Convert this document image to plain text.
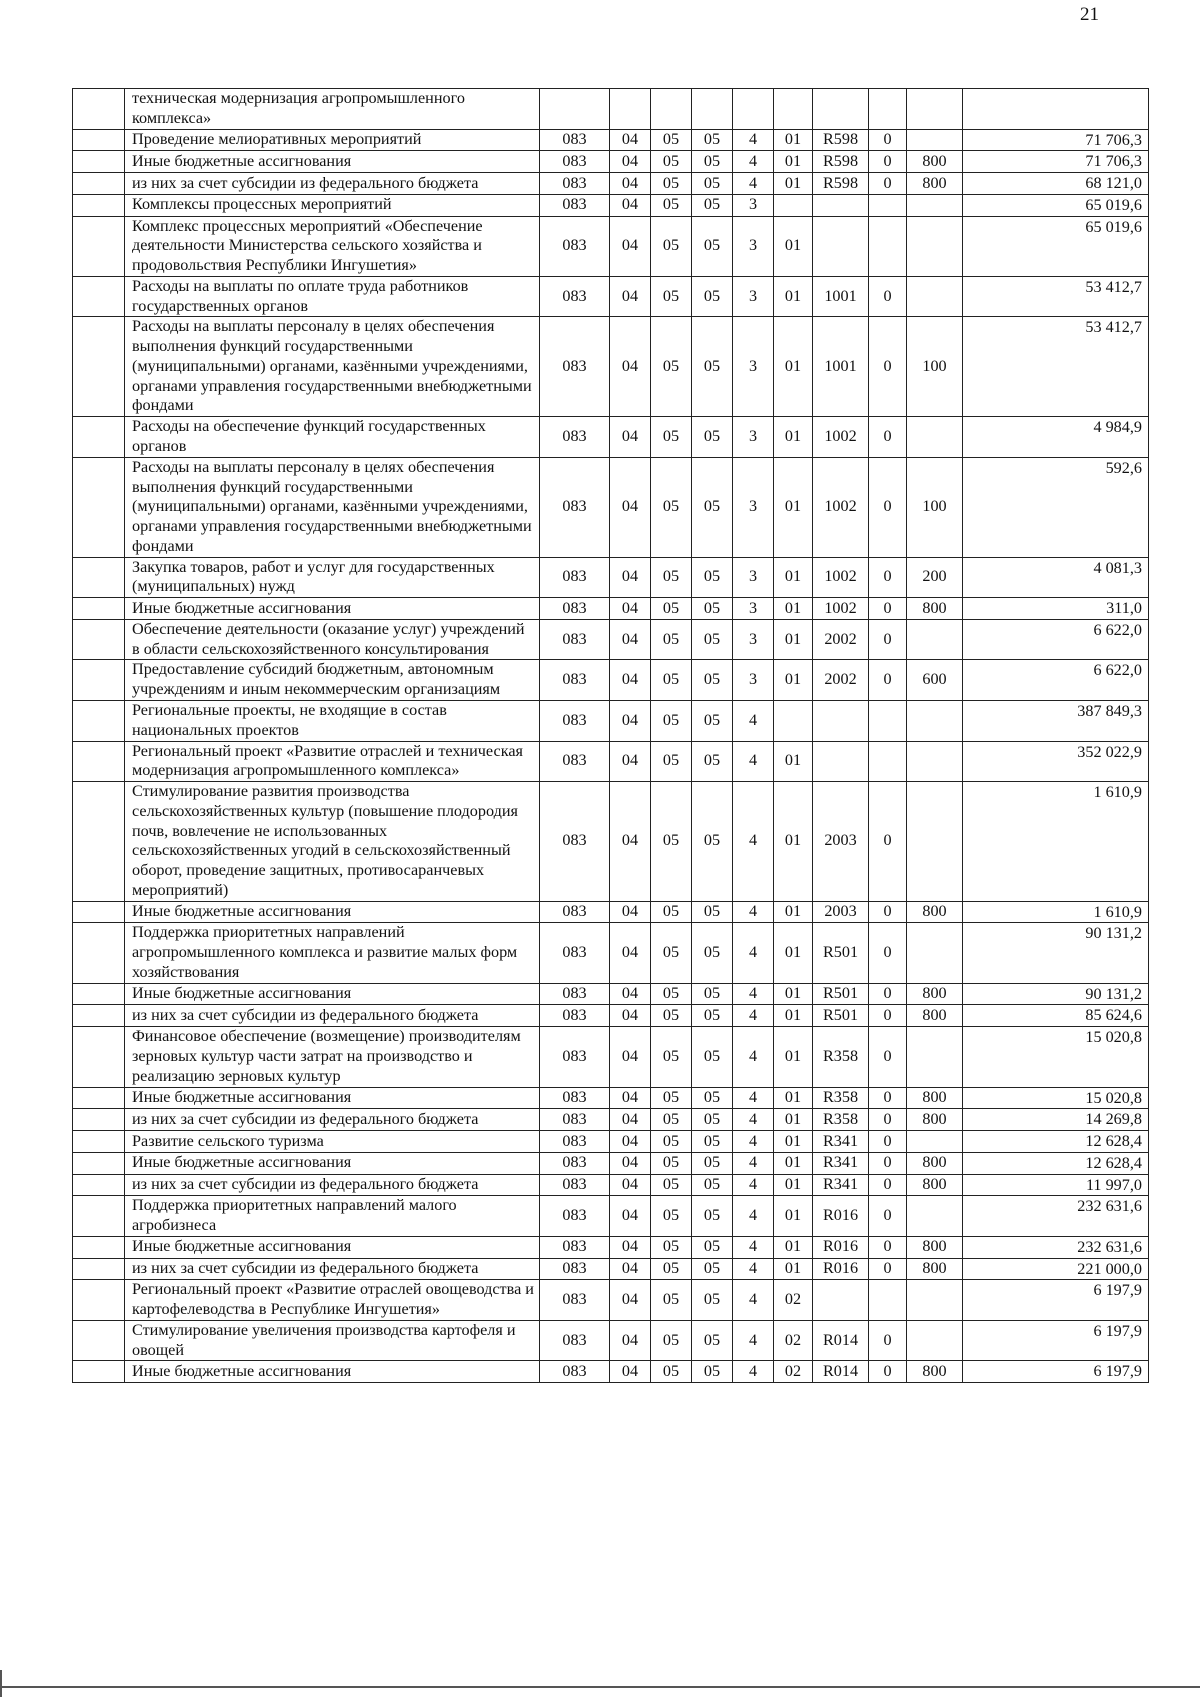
21
	техническая модернизация агропромышленного комплекса»										
	Проведение мелиоративных мероприятий	083	04	05	05	4	01	R598	0		71 706,3
	Иные бюджетные ассигнования	083	04	05	05	4	01	R598	0	800	71 706,3
	из них за счет субсидии из федерального бюджета	083	04	05	05	4	01	R598	0	800	68 121,0
	Комплексы процессных мероприятий	083	04	05	05	3					65 019,6
	Комплекс процессных мероприятий «Обеспечение деятельности Министерства сельского хозяйства и продовольствия Республики Ингушетия»	083	04	05	05	3	01				65 019,6
	Расходы на выплаты по оплате труда работников государственных органов	083	04	05	05	3	01	1001	0		53 412,7
	Расходы на выплаты персоналу в целях обеспечения выполнения функций государственными (муниципальными) органами, казёнными учреждениями, органами управления государственными внебюджетными фондами	083	04	05	05	3	01	1001	0	100	53 412,7
	Расходы на обеспечение функций государственных органов	083	04	05	05	3	01	1002	0		4 984,9
	Расходы на выплаты персоналу в целях обеспечения выполнения функций государственными (муниципальными) органами, казёнными учреждениями, органами управления государственными внебюджетными фондами	083	04	05	05	3	01	1002	0	100	592,6
	Закупка товаров, работ и услуг для государственных (муниципальных) нужд	083	04	05	05	3	01	1002	0	200	4 081,3
	Иные бюджетные ассигнования	083	04	05	05	3	01	1002	0	800	311,0
	Обеспечение деятельности (оказание услуг) учреждений в области сельскохозяйственного консультирования	083	04	05	05	3	01	2002	0		6 622,0
	Предоставление субсидий бюджетным, автономным учреждениям и иным некоммерческим организациям	083	04	05	05	3	01	2002	0	600	6 622,0
	Региональные проекты, не входящие в состав национальных проектов	083	04	05	05	4					387 849,3
	Региональный проект «Развитие отраслей и техническая модернизация агропромышленного комплекса»	083	04	05	05	4	01				352 022,9
	Стимулирование развития производства сельскохозяйственных культур (повышение плодородия почв, вовлечение не использованных сельскохозяйственных угодий в сельскохозяйственный оборот, проведение защитных, противосаранчевых мероприятий)	083	04	05	05	4	01	2003	0		1 610,9
	Иные бюджетные ассигнования	083	04	05	05	4	01	2003	0	800	1 610,9
	Поддержка приоритетных направлений агропромышленного комплекса и развитие малых форм хозяйствования	083	04	05	05	4	01	R501	0		90 131,2
	Иные бюджетные ассигнования	083	04	05	05	4	01	R501	0	800	90 131,2
	из них за счет субсидии из федерального бюджета	083	04	05	05	4	01	R501	0	800	85 624,6
	Финансовое обеспечение (возмещение) производителям зерновых культур части затрат на производство и реализацию зерновых культур	083	04	05	05	4	01	R358	0		15 020,8
	Иные бюджетные ассигнования	083	04	05	05	4	01	R358	0	800	15 020,8
	из них за счет субсидии из федерального бюджета	083	04	05	05	4	01	R358	0	800	14 269,8
	Развитие сельского туризма	083	04	05	05	4	01	R341	0		12 628,4
	Иные бюджетные ассигнования	083	04	05	05	4	01	R341	0	800	12 628,4
	из них за счет субсидии из федерального бюджета	083	04	05	05	4	01	R341	0	800	11 997,0
	Поддержка приоритетных направлений малого агробизнеса	083	04	05	05	4	01	R016	0		232 631,6
	Иные бюджетные ассигнования	083	04	05	05	4	01	R016	0	800	232 631,6
	из них за счет субсидии из федерального бюджета	083	04	05	05	4	01	R016	0	800	221 000,0
	Региональный проект «Развитие отраслей овощеводства и картофелеводства в Республике Ингушетия»	083	04	05	05	4	02				6 197,9
	Стимулирование увеличения производства картофеля и овощей	083	04	05	05	4	02	R014	0		6 197,9
	Иные бюджетные ассигнования	083	04	05	05	4	02	R014	0	800	6 197,9
